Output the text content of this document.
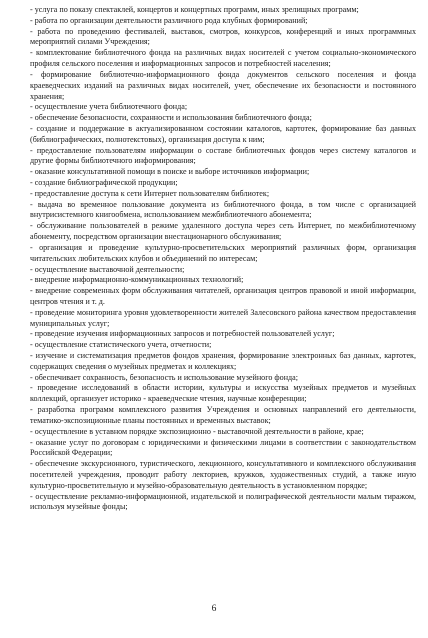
- услуга по показу спектаклей, концертов и концертных программ, иных зрелищных программ;

- работа по организации деятельности различного рода клубных формирований;

- работа по проведению фестивалей, выставок, смотров, конкурсов, конференций и иных программных мероприятий силами Учреждения;

- комплектование библиотечного фонда на различных видах носителей с учетом социально-экономического профиля сельского поселения и информационных запросов и потребностей населения;

- формирование библиотечно-информационного фонда документов сельского поселения и фонда краеведческих изданий на различных видах носителей, учет, обеспечение их безопасности и постоянного хранения;

- осуществление учета библиотечного фонда;

- обеспечение безопасности, сохранности и использования библиотечного фонда;

- создание и поддержание в актуализированном состоянии каталогов, картотек, формирование баз данных (библиографических, полнотекстовых), организация доступа к ним;

- предоставление пользователям информации о составе библиотечных фондов через систему каталогов и другие формы библиотечного информирования;

- оказание консультативной помощи в поиске и выборе источников информации;

- создание библиографической продукции;

- предоставление доступа к сети Интернет пользователям библиотек;

- выдача во временное пользование документа из библиотечного фонда, в том числе с организацией внутрисистемного книгообмена, использованием межбиблиотечного абонемента;

- обслуживание пользователей в режиме удаленного доступа через сеть Интернет, по межбиблиотечному абонементу, посредством организации внестационарного обслуживания;

- организация и проведение культурно-просветительских мероприятий различных форм, организация читательских любительских клубов и объединений по интересам;

- осуществление выставочной деятельности;

- внедрение информационно-коммуникационных технологий;

- внедрение современных форм обслуживания читателей, организация центров правовой и иной информации, центров чтения и т. д.

- проведение мониторинга уровня удовлетворенности жителей Залесовского района качеством предоставления муниципальных услуг;

- проведение изучения информационных запросов и потребностей пользователей услуг;

- осуществление статистического учета, отчетности;

- изучение и систематизация предметов фондов хранения, формирование электронных баз данных, картотек, содержащих сведения о музейных предметах и коллекциях;

- обеспечивает сохранность, безопасность и использование музейного фонда;

- проведение исследований в области истории, культуры и искусства музейных предметов и музейных коллекций, организует историко - краеведческие чтения, научные конференции;

- разработка программ комплексного развития Учреждения и основных направлений его деятельности, тематико-экспозиционные планы постоянных и временных выставок;

- осуществление в уставном порядке экспозиционно - выставочной деятельности в районе, крае;

- оказание услуг по договорам с юридическими и физическими лицами в соответствии с законодательством Российской Федерации;

- обеспечение экскурсионного, туристического, лекционного, консультативного и комплексного обслуживания посетителей учреждения, проводит работу лекториев, кружков, художественных студий, а также иную культурно-просветительную и музейно-образовательную деятельность в установленном порядке;

- осуществление рекламно-информационной, издательской и полиграфической деятельности малым тиражом, используя музейные фонды;

6
